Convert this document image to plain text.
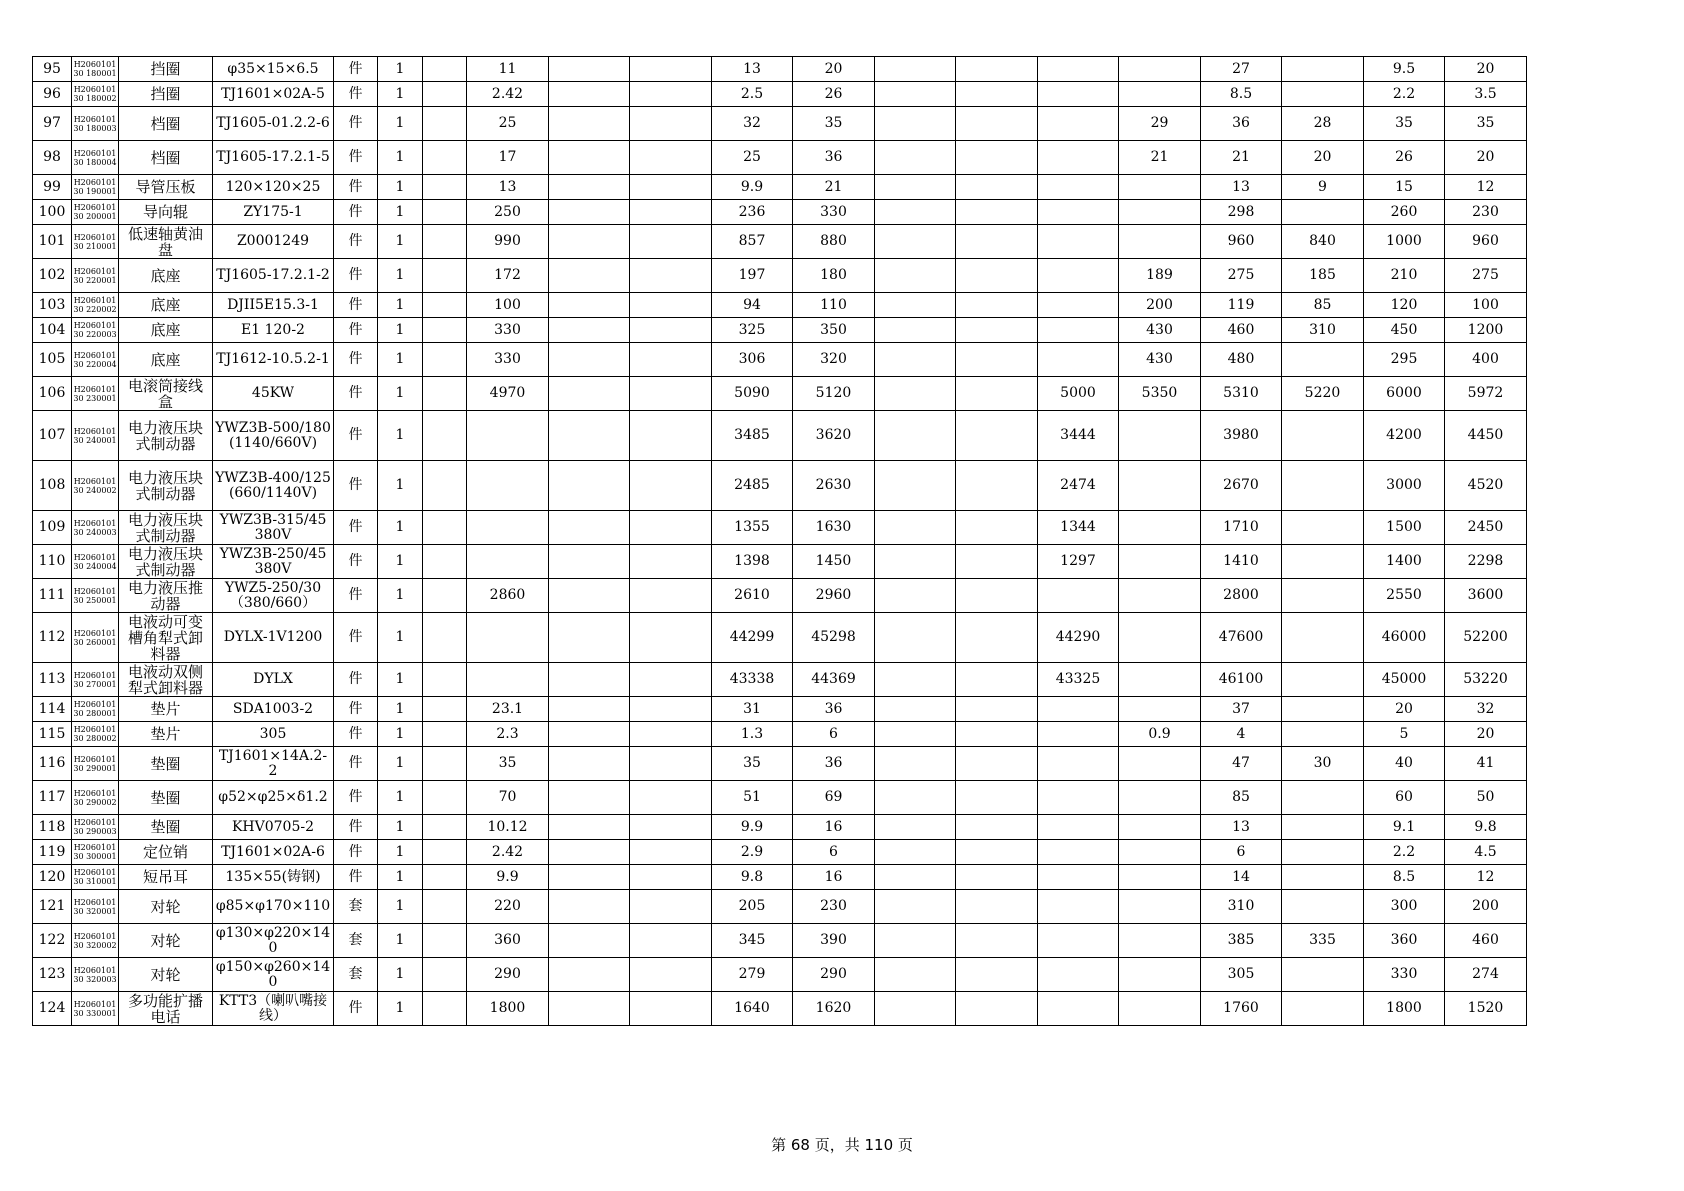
95	H206010130 180001	挡圈	φ35×15×6.5	件	1		11			13	20					27		9.5	20
96	H206010130 180002	挡圈	TJ1601×02A-5	件	1		2.42			2.5	26					8.5		2.2	3.5
97	H206010130 180003	档圈	TJ1605-01.2.2-6	件	1		25			32	35				29	36	28	35	35
98	H206010130 180004	档圈	TJ1605-17.2.1-5	件	1		17			25	36				21	21	20	26	20
99	H206010130 190001	导管压板	120×120×25	件	1		13			9.9	21					13	9	15	12
100	H206010130 200001	导向辊	ZY175-1	件	1		250			236	330					298		260	230
101	H206010130 210001	低速轴黄油盘	Z0001249	件	1		990			857	880					960	840	1000	960
102	H206010130 220001	底座	TJ1605-17.2.1-2	件	1		172			197	180				189	275	185	210	275
103	H206010130 220002	底座	DJII5E15.3-1	件	1		100			94	110				200	119	85	120	100
104	H206010130 220003	底座	E1 120-2	件	1		330			325	350				430	460	310	450	1200
105	H206010130 220004	底座	TJ1612-10.5.2-1	件	1		330			306	320				430	480		295	400
106	H206010130 230001	电滚筒接线盒	45KW	件	1		4970			5090	5120			5000	5350	5310	5220	6000	5972
107	H206010130 240001	电力液压块式制动器	YWZ3B-500/180(1140/660V)	件	1					3485	3620			3444		3980		4200	4450
108	H206010130 240002	电力液压块式制动器	YWZ3B-400/125(660/1140V)	件	1					2485	2630			2474		2670		3000	4520
109	H206010130 240003	电力液压块式制动器	YWZ3B-315/45 380V	件	1					1355	1630			1344		1710		1500	2450
110	H206010130 240004	电力液压块式制动器	YWZ3B-250/45 380V	件	1					1398	1450			1297		1410		1400	2298
111	H206010130 250001	电力液压推动器	YWZ5-250/30（380/660）	件	1		2860			2610	2960					2800		2550	3600
112	H206010130 260001	电液动可变槽角犁式卸料器	DYLX-1V1200	件	1					44299	45298			44290		47600		46000	52200
113	H206010130 270001	电液动双侧犁式卸料器	DYLX	件	1					43338	44369			43325		46100		45000	53220
114	H206010130 280001	垫片	SDA1003-2	件	1		23.1			31	36					37		20	32
115	H206010130 280002	垫片	305	件	1		2.3			1.3	6				0.9	4		5	20
116	H206010130 290001	垫圈	TJ1601×14A.2-2	件	1		35			35	36					47	30	40	41
117	H206010130 290002	垫圈	φ52×φ25×δ1.2	件	1		70			51	69					85		60	50
118	H206010130 290003	垫圈	KHV0705-2	件	1		10.12			9.9	16					13		9.1	9.8
119	H206010130 300001	定位销	TJ1601×02A-6	件	1		2.42			2.9	6					6		2.2	4.5
120	H206010130 310001	短吊耳	135×55(铸钢)	件	1		9.9			9.8	16					14		8.5	12
121	H206010130 320001	对轮	φ85×φ170×110	套	1		220			205	230					310		300	200
122	H206010130 320002	对轮	φ130×φ220×140	套	1		360			345	390					385	335	360	460
123	H206010130 320003	对轮	φ150×φ260×140	套	1		290			279	290					305		330	274
124	H206010130 330001	多功能扩播电话	KTT3（喇叭嘴接线）	件	1		1800			1640	1620					1760		1800	1520
第 68 页，共 110 页
